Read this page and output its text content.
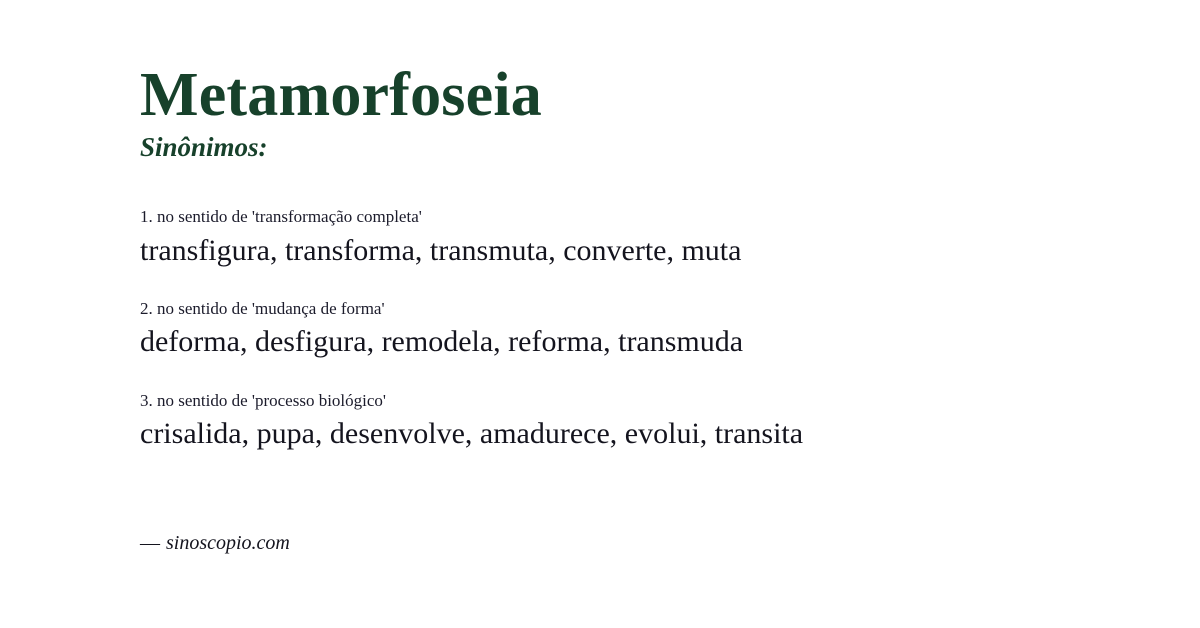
Metamorfoseia
Sinônimos:
1. no sentido de 'transformação completa'
transfigura, transforma, transmuta, converte, muta
2. no sentido de 'mudança de forma'
deforma, desfigura, remodela, reforma, transmuda
3. no sentido de 'processo biológico'
crisalida, pupa, desenvolve, amadurece, evolui, transita
— sinoscopio.com
